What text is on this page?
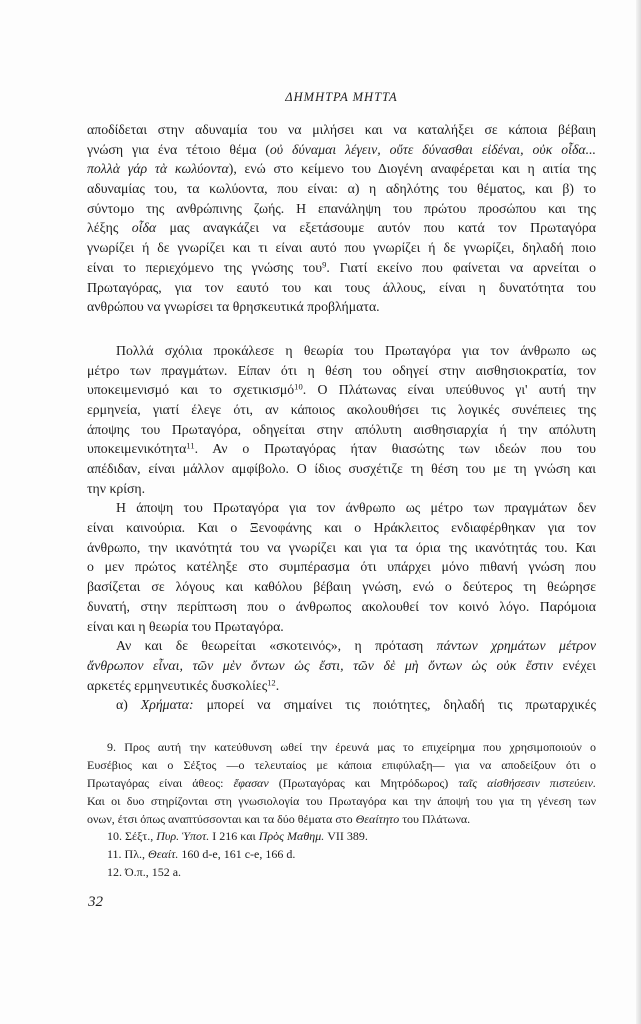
ΔΗΜΗΤΡΑ ΜΗΤΤΑ
αποδίδεται στην αδυναμία του να μιλήσει και να καταλήξει σε κάποια βέβαιη
γνώση για ένα τέτοιο θέμα (οὐ δύναμαι λέγειν, οὔτε δύνασθαι εἰδέναι, οὐκ οἶδα...
πολλὰ γάρ τὰ κωλύοντα), ενώ στο κείμενο του Διογένη αναφέρεται και η αιτία της
αδυναμίας του, τα κωλύοντα, που είναι: α) η αδηλότης του θέματος, και β) το
σύντομο της ανθρώπινης ζωής. Η επανάληψη του πρώτου προσώπου και της
λέξης οἶδα μας αναγκάζει να εξετάσουμε αυτόν που κατά τον Πρωταγόρα
γνωρίζει ή δε γνωρίζει και τι είναι αυτό που γνωρίζει ή δε γνωρίζει, δηλαδή ποιο
είναι το περιεχόμενο της γνώσης του$^9$. Γιατί εκείνο που φαίνεται να αρνείται ο
Πρωταγόρας, για τον εαυτό του και τους άλλους, είναι η δυνατότητα του
ανθρώπου να γνωρίσει τα θρησκευτικά προβλήματα.
Πολλά σχόλια προκάλεσε η θεωρία του Πρωταγόρα για τον άνθρωπο ως
μέτρο των πραγμάτων. Είπαν ότι η θέση του οδηγεί στην αισθησιοκρατία, τον
υποκειμενισμό και το σχετικισμό$^{10}$. Ο Πλάτωνας είναι υπεύθυνος γι' αυτή την
ερμηνεία, γιατί έλεγε ότι, αν κάποιος ακολουθήσει τις λογικές συνέπειες της
άποψης του Πρωταγόρα, οδηγείται στην απόλυτη αισθησιαρχία ή την απόλυτη
υποκειμενικότητα$^{11}$. Αν ο Πρωταγόρας ήταν θιασώτης των ιδεών που του
απέδιδαν, είναι μάλλον αμφίβολο. Ο ίδιος συσχέτιζε τη θέση του με τη γνώση και
την κρίση.
Η άποψη του Πρωταγόρα για τον άνθρωπο ως μέτρο των πραγμάτων δεν
είναι καινούρια. Και ο Ξενοφάνης και ο Ηράκλειτος ενδιαφέρθηκαν για τον
άνθρωπο, την ικανότητά του να γνωρίζει και για τα όρια της ικανότητάς του. Και
ο μεν πρώτος κατέληξε στο συμπέρασμα ότι υπάρχει μόνο πιθανή γνώση που
βασίζεται σε λόγους και καθόλου βέβαιη γνώση, ενώ ο δεύτερος τη θεώρησε
δυνατή, στην περίπτωση που ο άνθρωπος ακολουθεί τον κοινό λόγο. Παρόμοια
είναι και η θεωρία του Πρωταγόρα.
Αν και δε θεωρείται «σκοτεινός», η πρόταση πάντων χρημάτων μέτρον
ἄνθρωπον εἶναι, τῶν μὲν ὄντων ὡς ἔστι, τῶν δὲ μὴ ὄντων ὡς οὐκ ἔστιν ενέχει
αρκετές ερμηνευτικές δυσκολίες$^{12}$.
α) Χρήματα: μπορεί να σημαίνει τις ποιότητες, δηλαδή τις πρωταρχικές
9. Προς αυτή την κατεύθυνση ωθεί την έρευνά μας το επιχείρημα που χρησιμοποιούν ο
Ευσέβιος και ο Σέξτος —ο τελευταίος με κάποια επιφύλαξη— για να αποδείξουν ότι ο
Πρωταγόρας είναι άθεος: ἔφασαν (Πρωταγόρας και Μητρόδωρος) ταῖς αἰσθήσεσιν πιστεύειν.
Και οι δυο στηρίζονται στη γνωσιολογία του Πρωταγόρα και την άποψή του για τη γένεση των
ονων, έτσι όπως αναπτύσσονται και τα δύο θέματα στο Θεαίτητο του Πλάτωνα.
10. Σέξτ., Πυρ. Ὑποτ. I 216 και Πρὸς Μαθημ. VII 389.
11. Πλ., Θεαίτ. 160 d-e, 161 c-e, 166 d.
12. Ό.π., 152 a.
32
